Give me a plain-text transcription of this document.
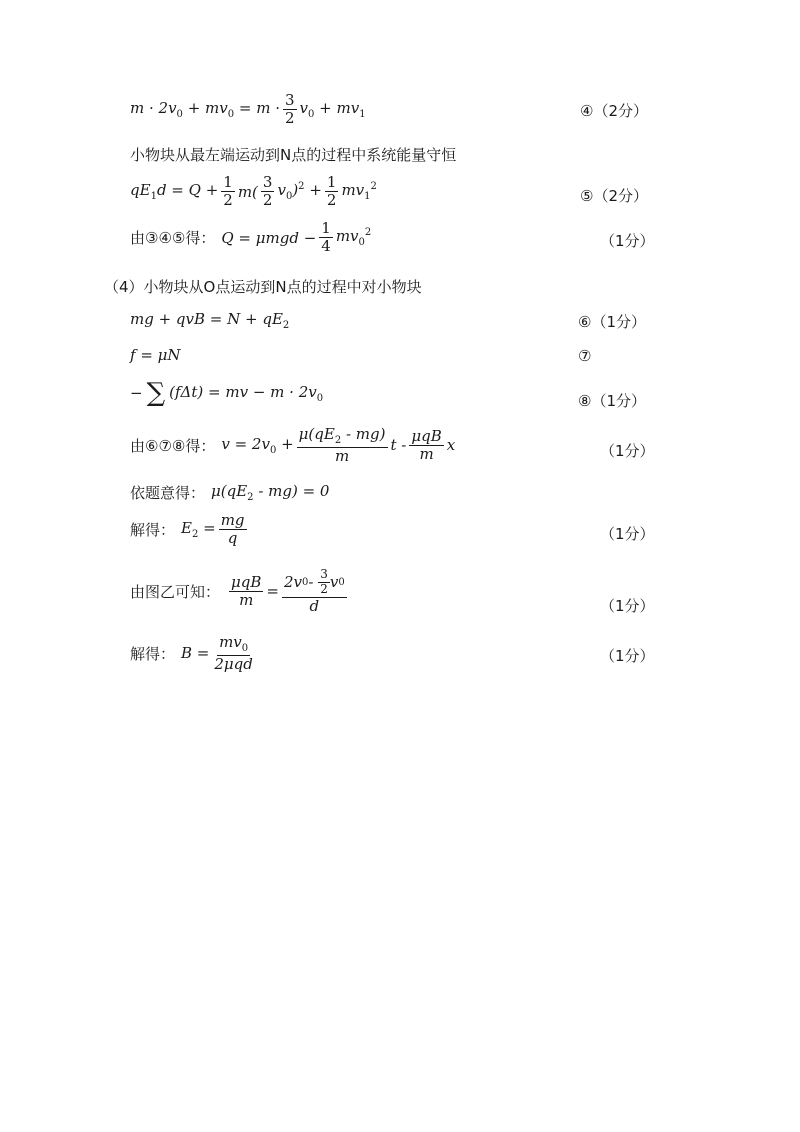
$m \cdot 2v_0 + mv_0 = m \cdot \frac{3}{2} v_0 + mv_1$	④（2分）
小物块从最左端运动到N点的过程中系统能量守恒
$qE_1d = Q + \frac{1}{2} m( \frac{3}{2} v_0)^2 + \frac{1}{2} mv_1^2$
⑤（2分）
由③④⑤得： $Q = \mu mgd - \frac{1}{4} mv_0^2$	（1分）
（4）小物块从O点运动到N点的过程中对小物块
mg + qvB = $N + qE_2$	⑥（1分）
f = μN	⑦
− ∑ (fΔt) = mv − $m \cdot 2v_0$	⑧（1分）
由⑥⑦⑧得： $v = 2v_0 + \frac{\mu(qE_2 - mg)}{m}$ t - $\frac{\text{μqB}}{m}$ x	（1分）
依题意得： $\mu(qE_2 - mg) = 0$
解得： $E_2 = \frac{mg}{q}$	（1分）
由图乙可知： $\frac{\text{μqB}}{m} = \frac{2v 0 - \frac{3}{2} v 0}{d}$	（1分）
解得： $B = \frac{mv_0}{\text{2μqd}}$	（1分）
